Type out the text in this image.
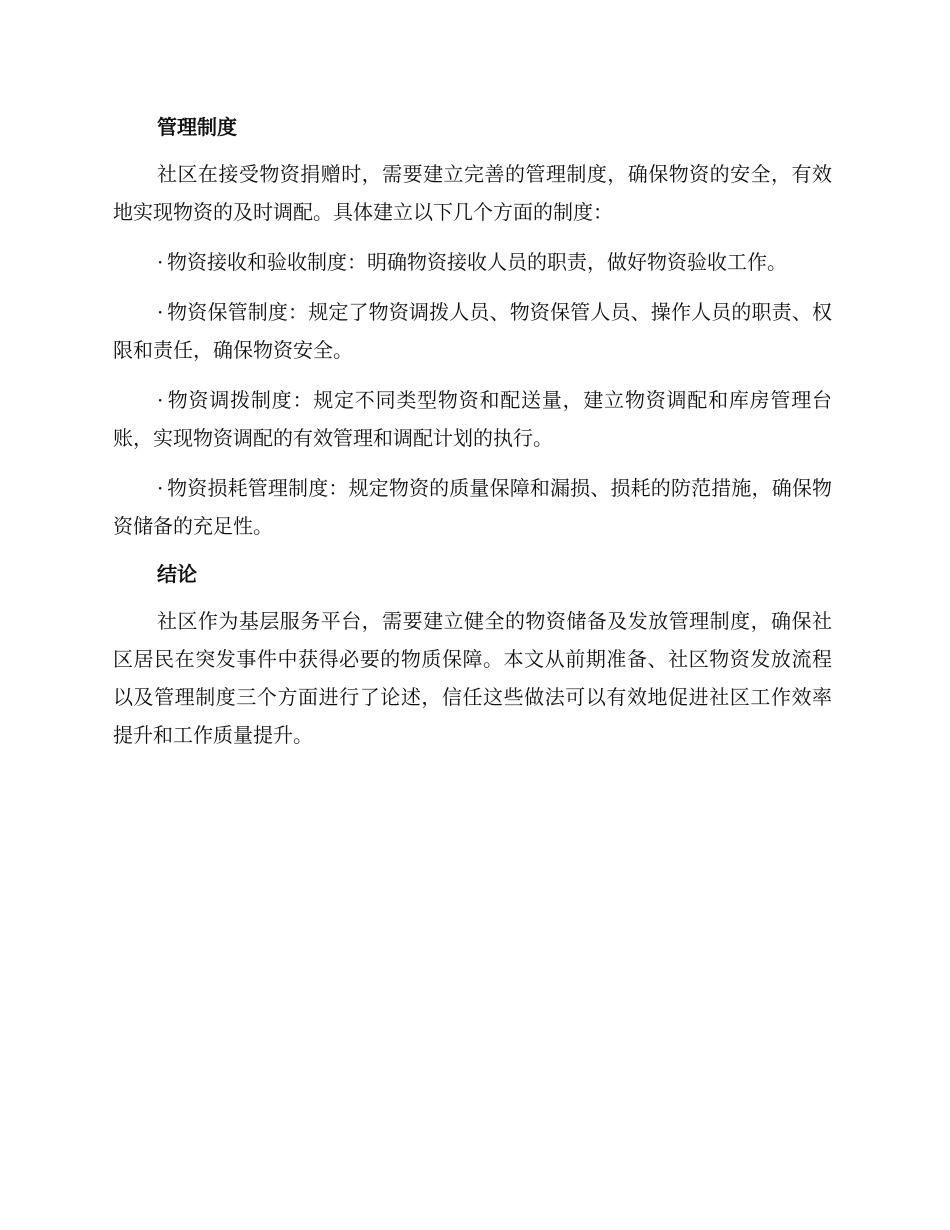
管理制度

社区在接受物资捐赠时，需要建立完善的管理制度，确保物资的安全，有效地实现物资的及时调配。具体建立以下几个方面的制度：

· 物资接收和验收制度：明确物资接收人员的职责，做好物资验收工作。

· 物资保管制度：规定了物资调拨人员、物资保管人员、操作人员的职责、权限和责任，确保物资安全。

· 物资调拨制度：规定不同类型物资和配送量，建立物资调配和库房管理台账，实现物资调配的有效管理和调配计划的执行。

· 物资损耗管理制度：规定物资的质量保障和漏损、损耗的防范措施，确保物资储备的充足性。

结论

社区作为基层服务平台，需要建立健全的物资储备及发放管理制度，确保社区居民在突发事件中获得必要的物质保障。本文从前期准备、社区物资发放流程以及管理制度三个方面进行了论述，信任这些做法可以有效地促进社区工作效率提升和工作质量提升。
